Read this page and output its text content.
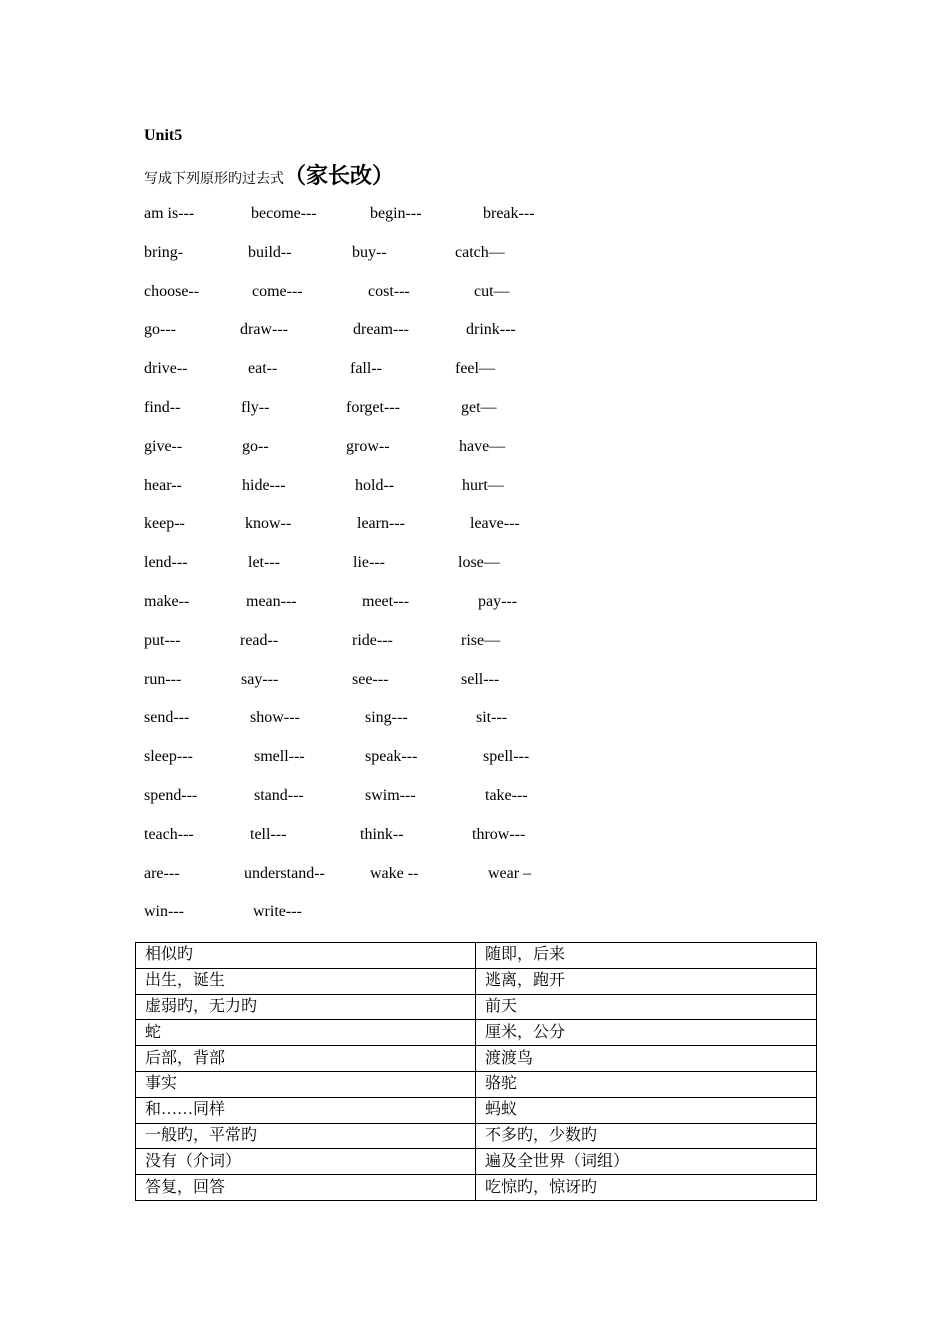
Unit5
写成下列原形旳过去式（家长改）
am is---	become---	begin---	break---
bring-	build--	buy--	catch—
choose--	come---	cost---	cut—
go---	draw---	dream---	drink---
drive--	eat--	fall--	feel—
find--	fly--	forget---	get—
give--	go--	grow--	have—
hear--	hide---	hold--	hurt—
keep--	know--	learn---	leave---
lend---	let---	lie---	lose—
make--	mean---	meet---	pay---
put---	read--	ride---	rise—
run---	say---	see---	sell---
send---	show---	sing---	sit---
sleep---	smell---	speak---	spell---
spend---	stand---	swim---	take---
teach---	tell---	think--	throw---
are---	understand--	wake --	wear –
win---	write---
相似旳	随即，后来
出生，诞生	逃离，跑开
虚弱旳，无力旳	前天
蛇	厘米，公分
后部，背部	渡渡鸟
事实	骆驼
和……同样	蚂蚁
一般旳，平常旳	不多旳，少数旳
没有（介词）	遍及全世界（词组）
答复，回答	吃惊旳，惊讶旳
